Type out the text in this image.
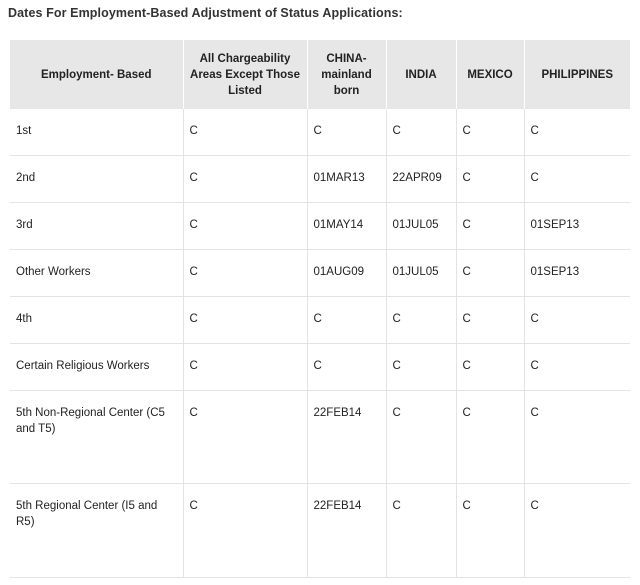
Dates For Employment-Based Adjustment of Status Applications:
Employment- Based	All Chargeability Areas Except Those Listed	CHINA-mainland born	INDIA	MEXICO	PHILIPPINES
1st	C	C	C	C	C
2nd	C	01MAR13	22APR09	C	C
3rd	C	01MAY14	01JUL05	C	01SEP13
Other Workers	C	01AUG09	01JUL05	C	01SEP13
4th	C	C	C	C	C
Certain Religious Workers	C	C	C	C	C
5th Non-Regional Center (C5 and T5)	C	22FEB14	C	C	C
5th Regional Center (I5 and R5)	C	22FEB14	C	C	C
